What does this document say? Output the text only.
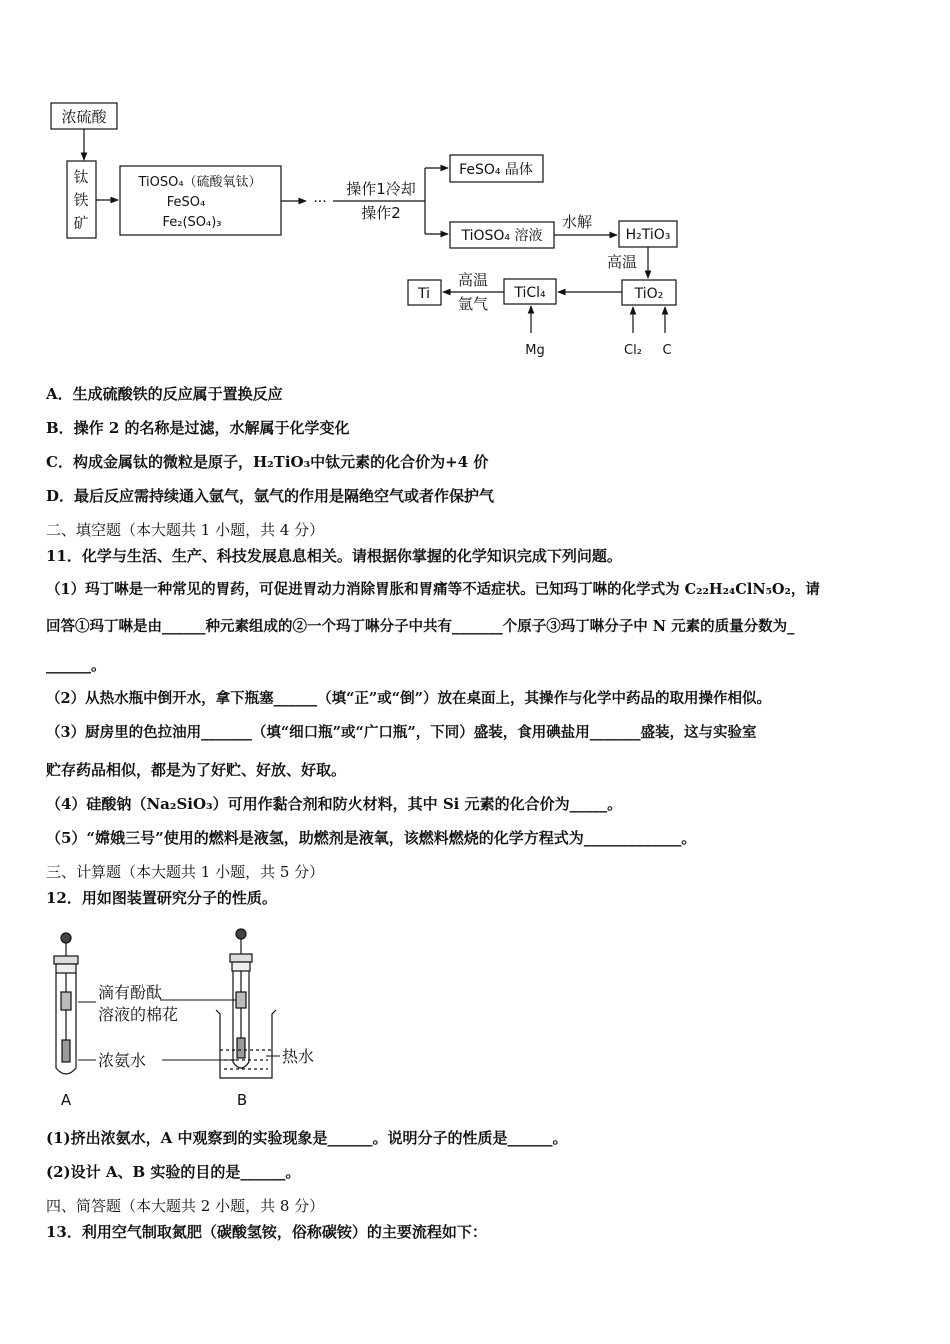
浓硫酸
钛
铁
矿
TiOSO₄（硫酸氧钛）
FeSO₄
Fe₂(SO₄)₃
···
操作1冷却
操作2
FeSO₄ 晶体
TiOSO₄ 溶液
水解
H₂TiO₃
高温
TiO₂
Cl₂ C
TiCl₄
Mg
高温
氩气
Ti
A．生成硫酸铁的反应属于置换反应
B．操作 2 的名称是过滤，水解属于化学变化
C．构成金属钛的微粒是原子，H₂TiO₃中钛元素的化合价为+4 价
D．最后反应需持续通入氩气，氩气的作用是隔绝空气或者作保护气
二、填空题（本大题共 1 小题，共 4 分）
11．化学与生活、生产、科技发展息息相关。请根据你掌握的化学知识完成下列问题。
（1）玛丁啉是一种常见的胃药，可促进胃动力消除胃胀和胃痛等不适症状。已知玛丁啉的化学式为 C₂₂H₂₄ClN₅O₂，请
回答①玛丁啉是由______种元素组成的②一个玛丁啉分子中共有_______个原子③玛丁啉分子中 N 元素的质量分数为_
______。
（2）从热水瓶中倒开水，拿下瓶塞______（填“正”或“倒”）放在桌面上，其操作与化学中药品的取用操作相似。
（3）厨房里的色拉油用_______（填“细口瓶”或“广口瓶”，下同）盛装，食用碘盐用_______盛装，这与实验室
贮存药品相似，都是为了好贮、好放、好取。
（4）硅酸钠（Na₂SiO₃）可用作黏合剂和防火材料，其中 Si 元素的化合价为_____。
（5）“嫦娥三号”使用的燃料是液氢，助燃剂是液氧，该燃料燃烧的化学方程式为_____________。
三、计算题（本大题共 1 小题，共 5 分）
12．用如图装置研究分子的性质。
滴有酚酞
溶液的棉花
浓氨水	热水
A	B
(1)挤出浓氨水，A 中观察到的实验现象是______。说明分子的性质是______。
(2)设计 A、B 实验的目的是______。
四、简答题（本大题共 2 小题，共 8 分）
13．利用空气制取氮肥（碳酸氢铵，俗称碳铵）的主要流程如下：
